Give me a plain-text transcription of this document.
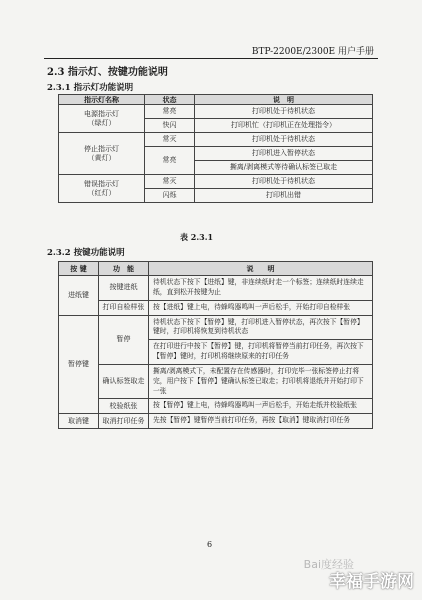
BTP-2200E/2300E 用户手册
2.3 指示灯、按键功能说明
2.3.1 指示灯功能说明
指示灯名称	状态	说　明

电源指示灯
（绿灯）	常亮	打印机处于待机状态
	快闪	打印机忙（打印机正在处理指令）

停止指示灯
（黄灯）	常灭	打印机处于待机状态
	常亮	打印机进入暂停状态
		撕离/剥离模式等待确认标签已取走

错误指示灯
（红灯）	常灭	打印机处于待机状态
	闪烁	打印机出错
表 2.3.1
2.3.2 按键功能说明
按 键	功　能	说　　明
进纸键	按键进纸	待机状态下按下【进纸】键，非连续纸时走一个标签；连续纸时连续走纸，直到松开按键为止
	打印自检样张	按【进纸】键上电，待蜂鸣器鸣叫一声后松手，开始打印自检样张
暂停键	暂停	待机状态下按下【暂停】键，打印机进入暂停状态，再次按下【暂停】键时，打印机将恢复到待机状态
		在打印进行中按下【暂停】键，打印机将暂停当前打印任务，再次按下【暂停】键时，打印机将继续原来的打印任务
	确认标签取走	撕离/剥离模式下，未配置存在传感器时，打印完毕一张标签停止打将完，用户按下【暂停】键确认标签已取走；打印机将退纸并开始打印下一张
	校验纸张	按【暂停】键上电，待蜂鸣器鸣叫一声后松手，开始走纸并校验纸张
取消键	取消打印任务	先按【暂停】键暂停当前打印任务，再按【取消】键取消打印任务
6
Bai度经验
幸福手游网
